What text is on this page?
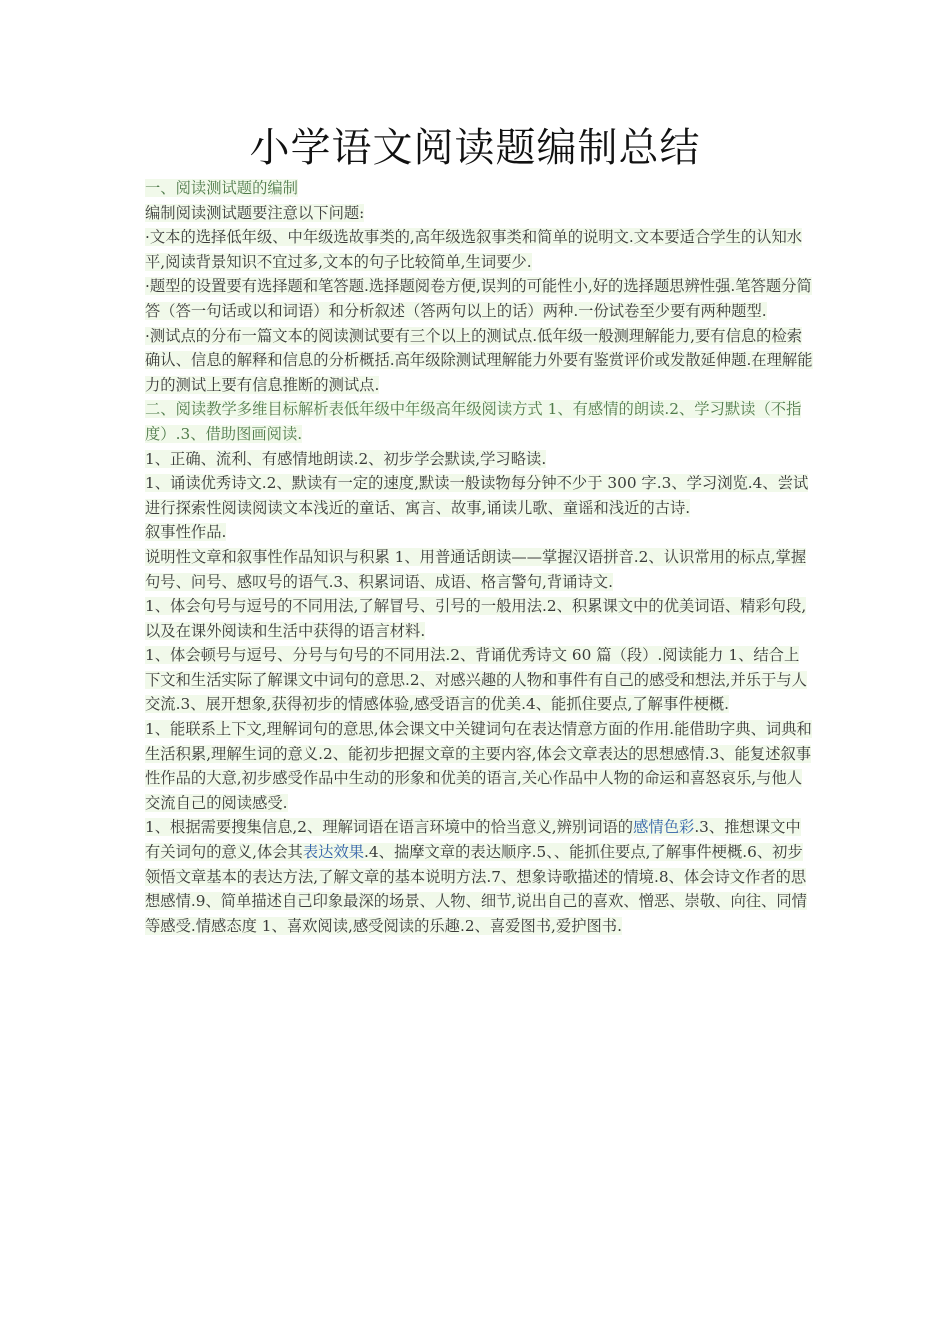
小学语文阅读题编制总结

一、阅读测试题的编制

编制阅读测试题要注意以下问题:

·文本的选择低年级、中年级选故事类的,高年级选叙事类和简单的说明文.文本要适合学生的认知水平,阅读背景知识不宜过多,文本的句子比较简单,生词要少.

·题型的设置要有选择题和笔答题.选择题阅卷方便,误判的可能性小,好的选择题思辨性强.笔答题分简答（答一句话或以和词语）和分析叙述（答两句以上的话）两种.一份试卷至少要有两种题型.

·测试点的分布一篇文本的阅读测试要有三个以上的测试点.低年级一般测理解能力,要有信息的检索确认、信息的解释和信息的分析概括.高年级除测试理解能力外要有鉴赏评价或发散延伸题.在理解能力的测试上要有信息推断的测试点.

二、阅读教学多维目标解析表低年级中年级高年级阅读方式 1、有感情的朗读.2、学习默读（不指度）.3、借助图画阅读.

1、正确、流利、有感情地朗读.2、初步学会默读,学习略读.

1、诵读优秀诗文.2、默读有一定的速度,默读一般读物每分钟不少于 300 字.3、学习浏览.4、尝试进行探索性阅读阅读文本浅近的童话、寓言、故事,诵读儿歌、童谣和浅近的古诗.

叙事性作品.

说明性文章和叙事性作品知识与积累 1、用普通话朗读——掌握汉语拼音.2、认识常用的标点,掌握句号、问号、感叹号的语气.3、积累词语、成语、格言警句,背诵诗文.

1、体会句号与逗号的不同用法,了解冒号、引号的一般用法.2、积累课文中的优美词语、精彩句段,以及在课外阅读和生活中获得的语言材料.

1、体会顿号与逗号、分号与句号的不同用法.2、背诵优秀诗文 60 篇（段）.阅读能力 1、结合上下文和生活实际了解课文中词句的意思.2、对感兴趣的人物和事件有自己的感受和想法,并乐于与人交流.3、展开想象,获得初步的情感体验,感受语言的优美.4、能抓住要点,了解事件梗概.

1、能联系上下文,理解词句的意思,体会课文中关键词句在表达情意方面的作用.能借助字典、词典和生活积累,理解生词的意义.2、能初步把握文章的主要内容,体会文章表达的思想感情.3、能复述叙事性作品的大意,初步感受作品中生动的形象和优美的语言,关心作品中人物的命运和喜怒哀乐,与他人交流自己的阅读感受.

1、根据需要搜集信息,2、理解词语在语言环境中的恰当意义,辨别词语的感情色彩.3、推想课文中有关词句的意义,体会其表达效果.4、揣摩文章的表达顺序.5、、能抓住要点,了解事件梗概.6、初步领悟文章基本的表达方法,了解文章的基本说明方法.7、想象诗歌描述的情境.8、体会诗文作者的思想感情.9、简单描述自己印象最深的场景、人物、细节,说出自己的喜欢、憎恶、崇敬、向往、同情等感受.情感态度 1、喜欢阅读,感受阅读的乐趣.2、喜爱图书,爱护图书.
